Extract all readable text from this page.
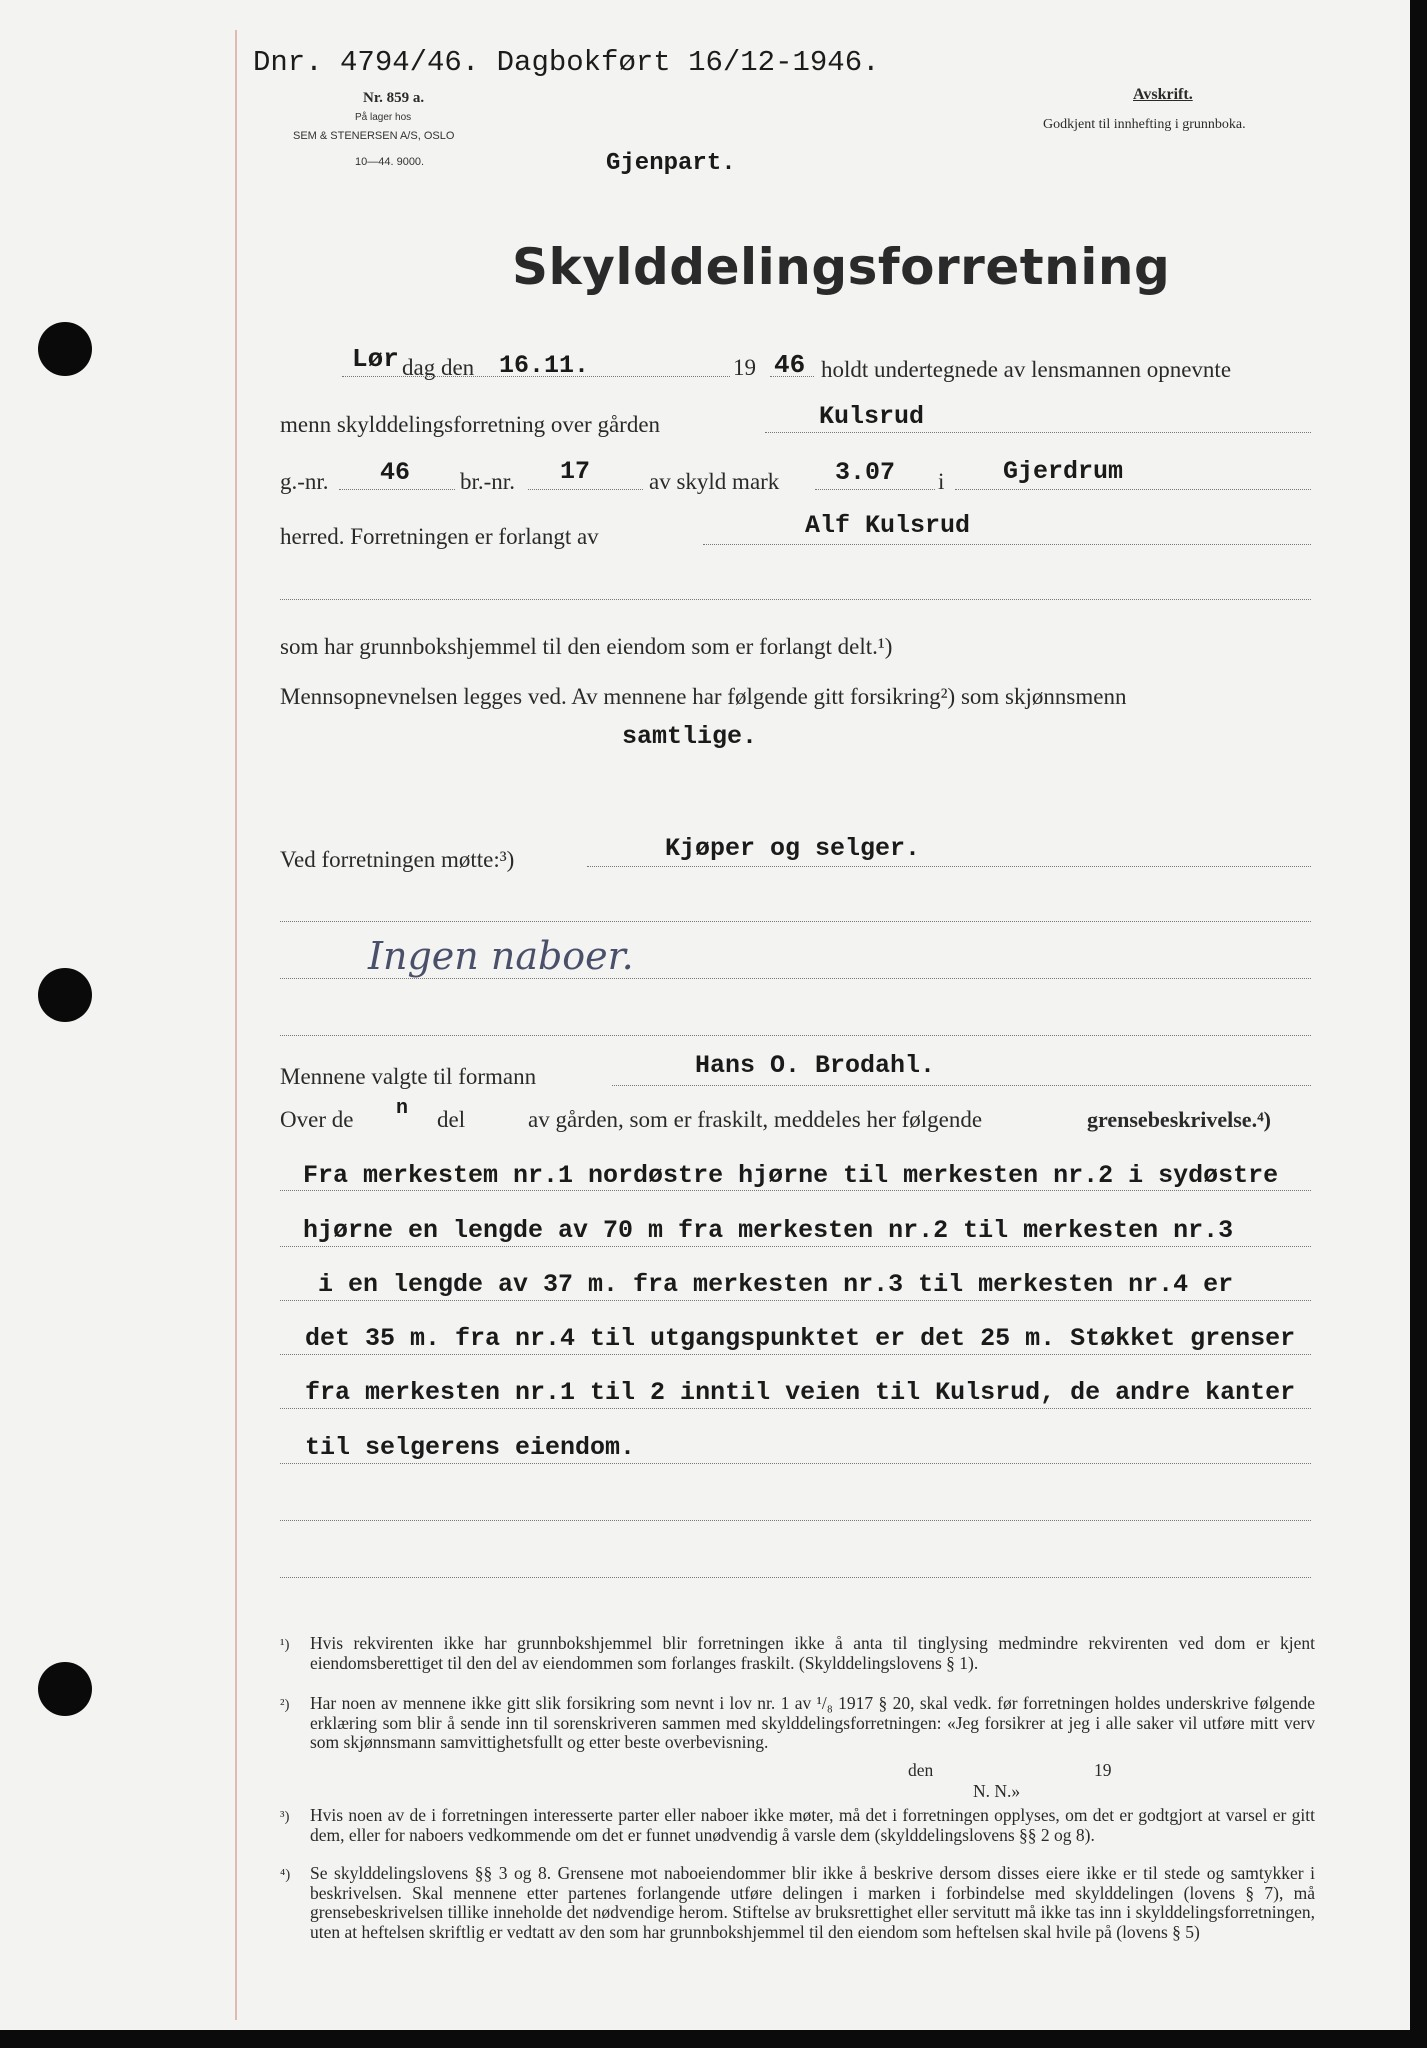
Dnr. 4794/46. Dagbokført 16/12-1946.
Nr. 859 a.
På lager hos
SEM & STENERSEN A/S, OSLO
10—44. 9000.
Avskrift.
Godkjent til innhefting i grunnboka.
Gjenpart.
Skylddelingsforretning
Lør dag den 16.11.	19 46 holdt undertegnede av lensmannen opnevnte
menn skylddelingsforretning over gården	Kulsrud
g.-nr. 46 br.-nr. 17	av skyld mark 3.07 i Gjerdrum
herred. Forretningen er forlangt av	Alf Kulsrud
som har grunnbokshjemmel til den eiendom som er forlangt delt.¹)
Mennsopnevnelsen legges ved. Av mennene har følgende gitt forsikring²) som skjønnsmenn
samtlige.
Ved forretningen møtte:³)	Kjøper og selger.
Ingen naboer.
Mennene valgte til formann	Hans O. Brodahl.
Over de n del	av gården, som er fraskilt, meddeles her følgende	grensebeskrivelse.⁴)
Fra merkestem nr.1 nordøstre hjørne til merkesten nr.2 i sydøstre
hjørne en lengde av 70 m fra merkesten nr.2 til merkesten nr.3
i en lengde av 37 m. fra merkesten nr.3 til merkesten nr.4 er
det 35 m. fra nr.4 til utgangspunktet er det 25 m. Støkket grenser
fra merkesten nr.1 til 2 inntil veien til Kulsrud, de andre kanter
til selgerens eiendom.
¹) Hvis rekvirenten ikke har grunnbokshjemmel blir forretningen ikke å anta til tinglysing medmindre rekvirenten ved dom er kjent eiendomsberettiget til den del av eiendommen som forlanges fraskilt. (Skylddelingslovens § 1).
²) Har noen av mennene ikke gitt slik forsikring som nevnt i lov nr. 1 av ¹/₈ 1917 § 20, skal vedk. før forretningen holdes underskrive følgende erklæring som blir å sende inn til sorenskriveren sammen med skylddelingsforretningen: «Jeg forsikrer at jeg i alle saker vil utføre mitt verv som skjønnsmann samvittighetsfullt og etter beste overbevisning.
den	19
N. N.»
³) Hvis noen av de i forretningen interesserte parter eller naboer ikke møter, må det i forretningen opplyses, om det er godtgjort at varsel er gitt dem, eller for naboers vedkommende om det er funnet unødvendig å varsle dem (skylddelingslovens §§ 2 og 8).
⁴) Se skylddelingslovens §§ 3 og 8. Grensene mot naboeiendommer blir ikke å beskrive dersom disses eiere ikke er til stede og samtykker i beskrivelsen. Skal mennene etter partenes forlangende utføre delingen i marken i forbindelse med skylddelingen (lovens § 7), må grensebeskrivelsen tillike inneholde det nødvendige herom. Stiftelse av bruksrettighet eller servitutt må ikke tas inn i skylddelingsforretningen, uten at heftelsen skriftlig er vedtatt av den som har grunnbokshjemmel til den eiendom som heftelsen skal hvile på (lovens § 5)
